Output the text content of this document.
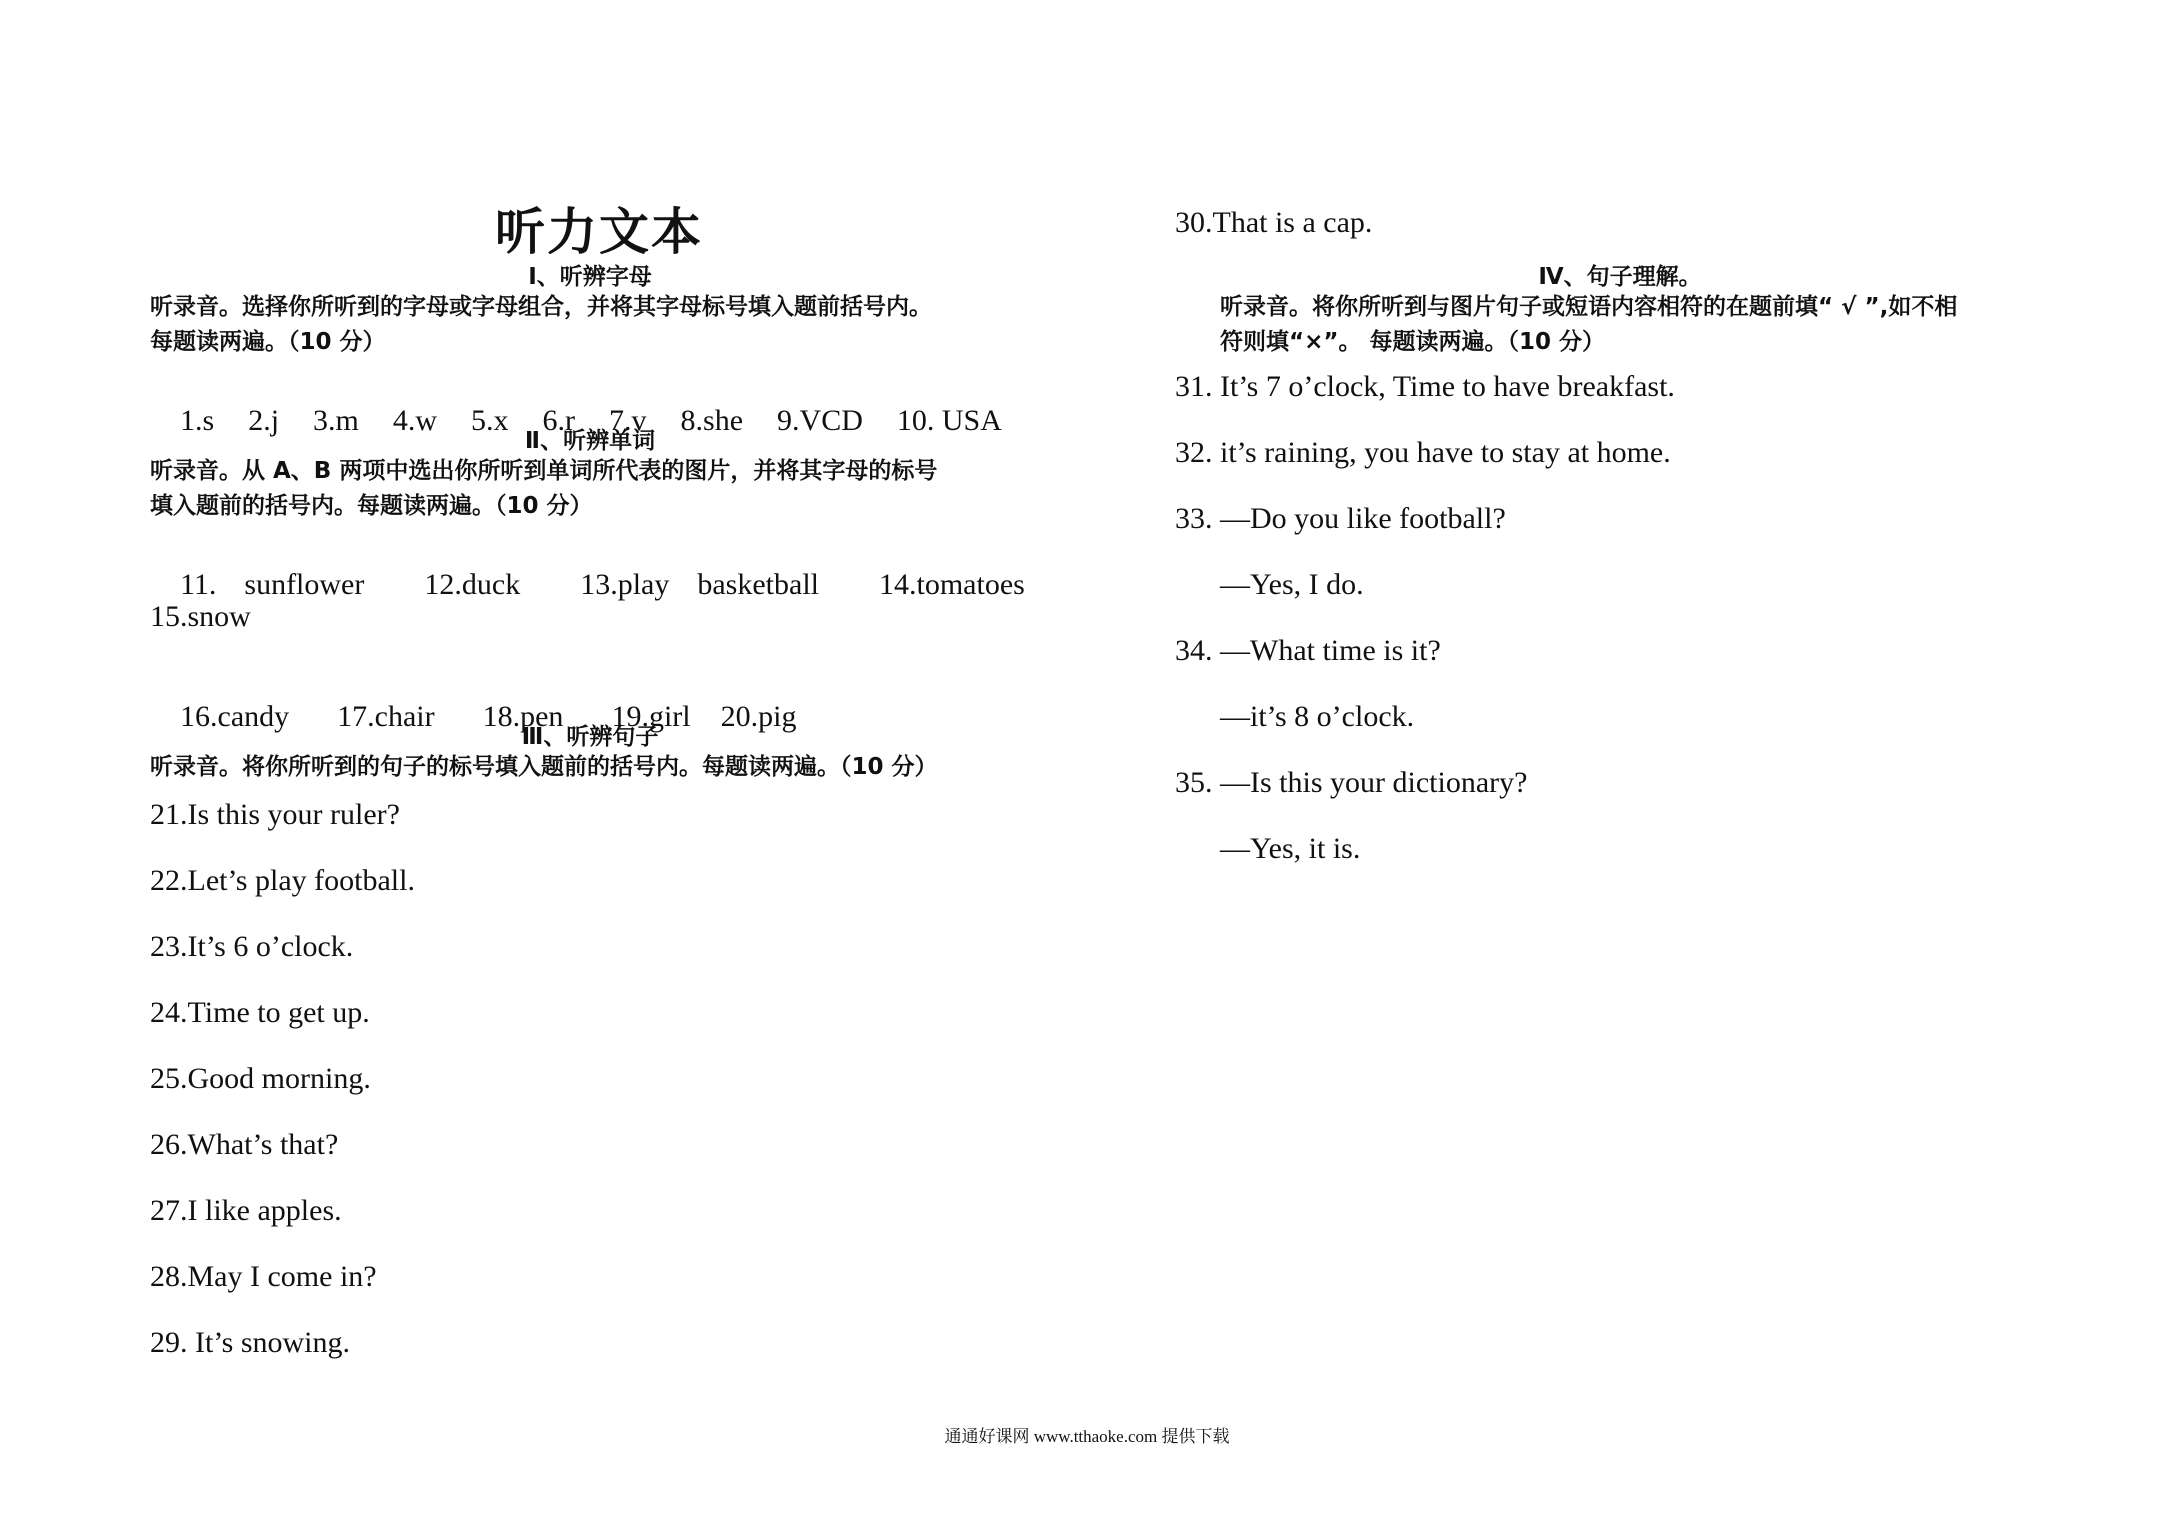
听力文本
Ⅰ、听辨字母
听录音。选择你所听到的字母或字母组合，并将其字母标号填入题前括号内。
每题读两遍。（10 分）

1.s 2.j 3.m 4.w 5.x 6.r 7.v 8.she 9.VCD 10. USA

Ⅱ、听辨单词
听录音。从 A、B 两项中选出你所听到单词所代表的图片，并将其字母的标号
填入题前的括号内。每题读两遍。（10 分）

11. sunflower 12.duck 13.play basketball 14.tomatoes

15.snow

16.candy 17.chair 18.pen 19.girl 20.pig

Ⅲ、听辨句子
听录音。将你所听到的句子的标号填入题前的括号内。每题读两遍。（10 分）
21.Is this your ruler?
22.Let’s play football.
23.It’s 6 o’clock.
24.Time to get up.
25.Good morning.
26.What’s that?
27.I like apples.
28.May I come in?
29. It’s snowing.
30.That is a cap.
Ⅳ、句子理解。
听录音。将你所听到与图片句子或短语内容相符的在题前填“ √ ”,如不相
符则填“×”。 每题读两遍。（10 分）
31. It’s 7 o’clock, Time to have breakfast.
32. it’s raining, you have to stay at home.
33. —Do you like football?
—Yes, I do.
34. —What time is it?
—it’s 8 o’clock.
35. —Is this your dictionary?
—Yes, it is.
通通好课网 www.tthaoke.com 提供下载
